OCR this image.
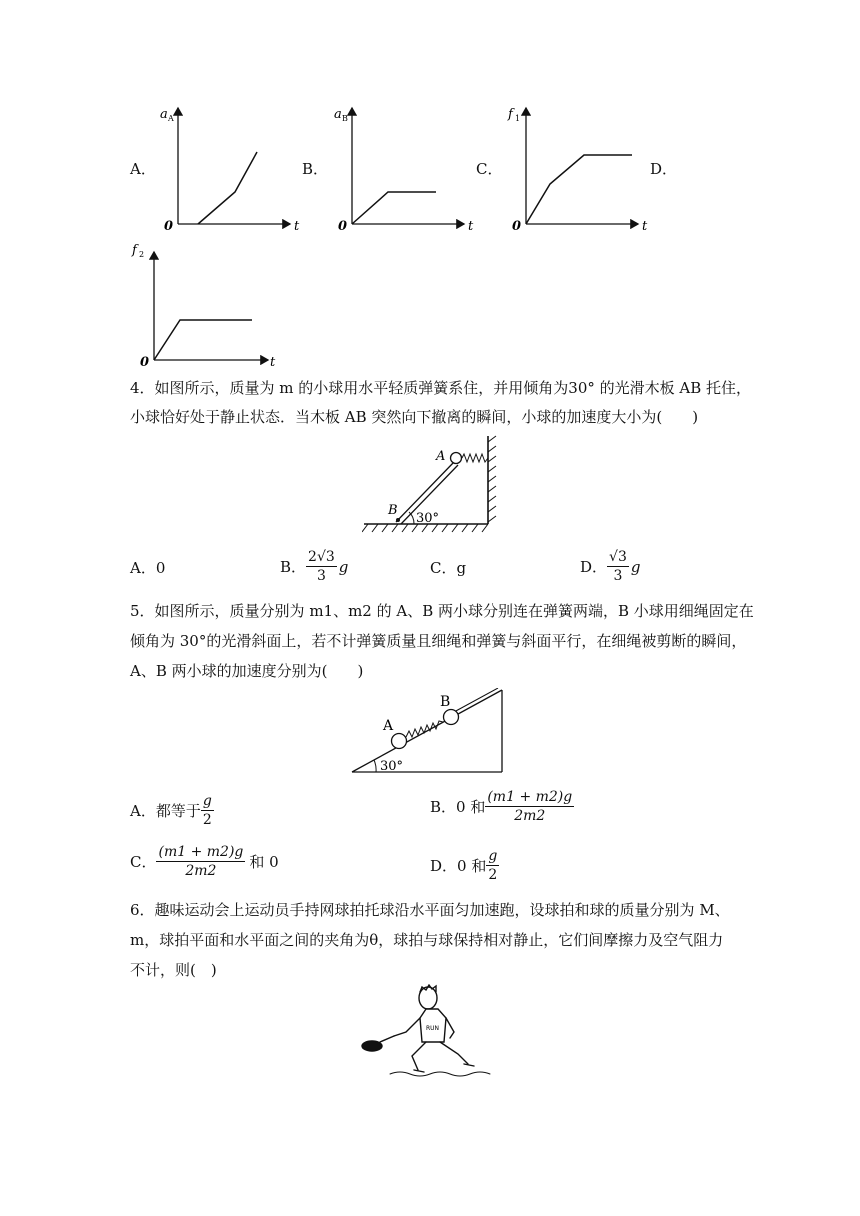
A．	B．	C．	D．
a A
0	t
a B
0	t
f 1
0	t
f 2
0	t
4．如图所示，质量为 m 的小球用水平轻质弹簧系住，并用倾角为30° 的光滑木板 AB 托住，
小球恰好处于静止状态．当木板 AB 突然向下撤离的瞬间，小球的加速度大小为(　　)
A
B
30°
A．0	B． $\frac{2√3}{3}$ g	C．g	D． $\frac{√3}{3}$ g
5．如图所示，质量分别为 m1、m2 的 A、B 两小球分别连在弹簧两端，B 小球用细绳固定在
倾角为 30°的光滑斜面上，若不计弹簧质量且细绳和弹簧与斜面平行，在细绳被剪断的瞬间，
A、B 两小球的加速度分别为(　　)
A
B
30°
A．都等于 $\frac{g}{2}$	B．0 和 $\frac{(m1 + m2)g}{2m2}$
C． $\frac{(m1 + m2)g}{2m2}$ 和 0	D．0 和 $\frac{g}{2}$
6．趣味运动会上运动员手持网球拍托球沿水平面匀加速跑，设球拍和球的质量分别为 M、
m，球拍平面和水平面之间的夹角为θ，球拍与球保持相对静止，它们间摩擦力及空气阻力
不计，则(　)
RUN
